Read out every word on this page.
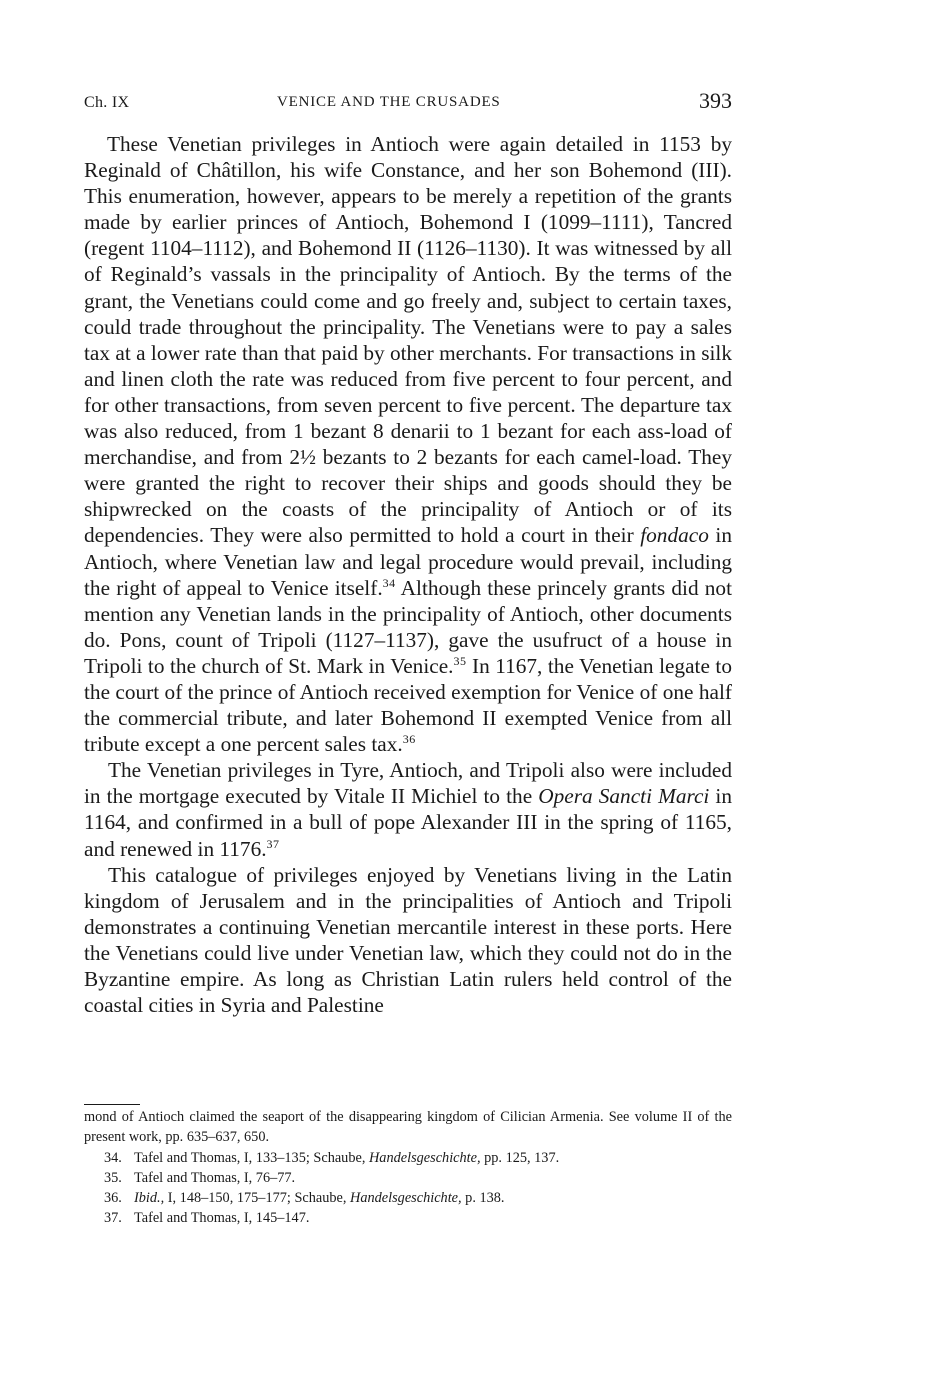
Ch. IX	VENICE AND THE CRUSADES	393

These Venetian privileges in Antioch were again detailed in 1153 by Reginald of Châtillon, his wife Constance, and her son Bohemond (III). This enumeration, however, appears to be merely a repetition of the grants made by earlier princes of Antioch, Bohemond I (1099–1111), Tancred (regent 1104–1112), and Bohemond II (1126–1130). It was witnessed by all of Reginald’s vassals in the principality of Antioch. By the terms of the grant, the Venetians could come and go freely and, subject to certain taxes, could trade throughout the principality. The Venetians were to pay a sales tax at a lower rate than that paid by other merchants. For transactions in silk and linen cloth the rate was reduced from five percent to four percent, and for other transactions, from seven percent to five percent. The departure tax was also reduced, from 1 bezant 8 denarii to 1 bezant for each ass-load of merchandise, and from 2½ bezants to 2 bezants for each camel-load. They were granted the right to recover their ships and goods should they be shipwrecked on the coasts of the principality of Antioch or of its dependencies. They were also permitted to hold a court in their fondaco in Antioch, where Venetian law and legal procedure would prevail, including the right of appeal to Venice itself.$^{34}$ Although these princely grants did not mention any Venetian lands in the principality of Antioch, other documents do. Pons, count of Tripoli (1127–1137), gave the usufruct of a house in Tripoli to the church of St. Mark in Venice.$^{35}$ In 1167, the Venetian legate to the court of the prince of Antioch received exemption for Venice of one half the commercial tribute, and later Bohemond II exempted Venice from all tribute except a one percent sales tax.$^{36}$

The Venetian privileges in Tyre, Antioch, and Tripoli also were included in the mortgage executed by Vitale II Michiel to the Opera Sancti Marci in 1164, and confirmed in a bull of pope Alexander III in the spring of 1165, and renewed in 1176.37

This catalogue of privileges enjoyed by Venetians living in the Latin kingdom of Jerusalem and in the principalities of Antioch and Tripoli demonstrates a continuing Venetian mercantile interest in these ports. Here the Venetians could live under Venetian law, which they could not do in the Byzantine empire. As long as Christian Latin rulers held control of the coastal cities in Syria and Palestine

mond of Antioch claimed the seaport of the disappearing kingdom of Cilician Armenia. See volume II of the present work, pp. 635–637, 650.

34. Tafel and Thomas, I, 133–135; Schaube, Handelsgeschichte, pp. 125, 137.

35. Tafel and Thomas, I, 76–77.

36. Ibid., I, 148–150, 175–177; Schaube, Handelsgeschichte, p. 138.

37. Tafel and Thomas, I, 145–147.
